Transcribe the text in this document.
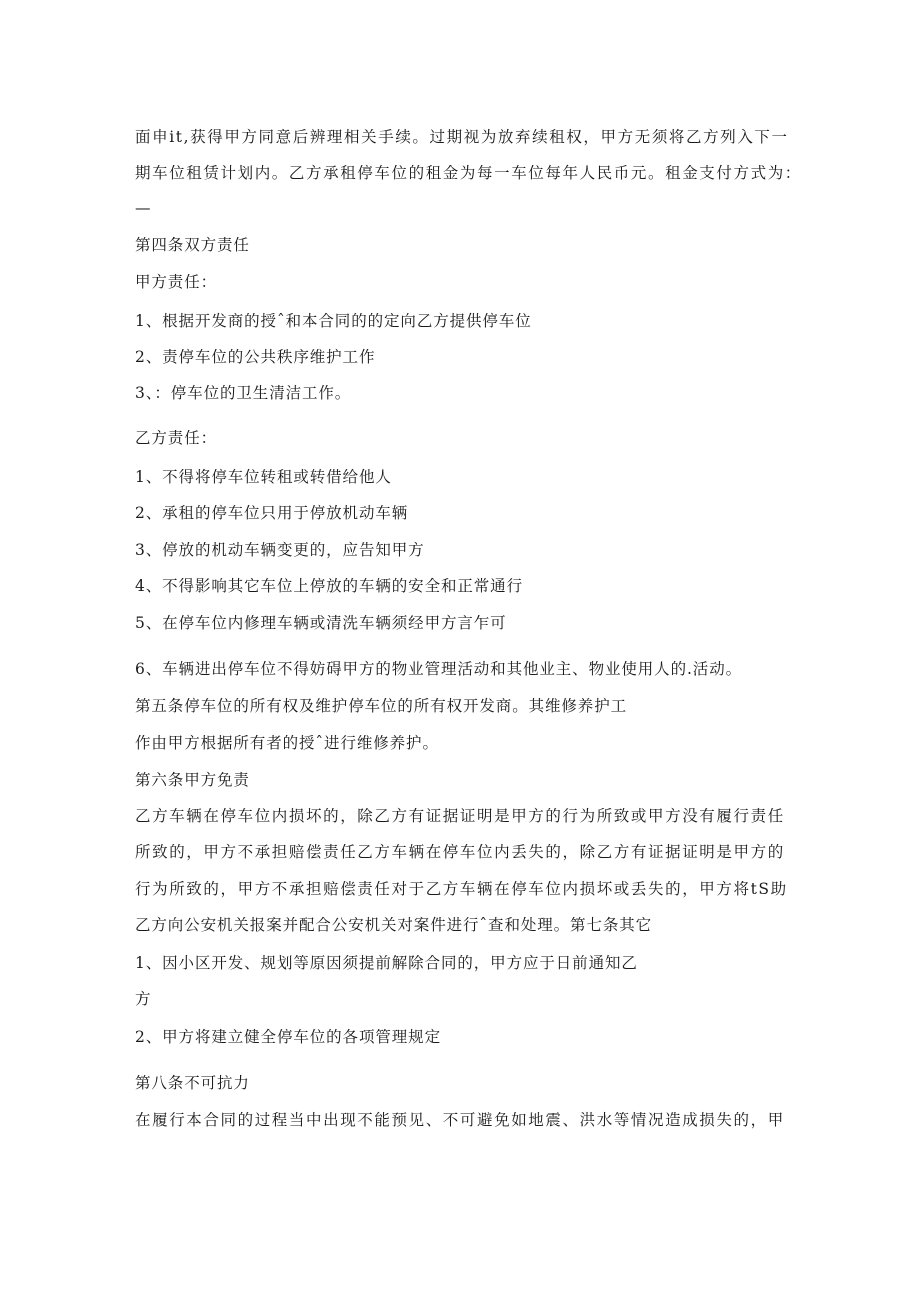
面申it,获得甲方同意后辨理相关手续。过期视为放弃续租权，甲方无须将乙方列入下一
期车位租赁计划内。乙方承租停车位的租金为每一车位每年人民币元。租金支付方式为：
—
第四条双方责任
甲方责任：
1、根据开发商的授ˆ和本合同的的定向乙方提供停车位
2、责停车位的公共秩序维护工作
3、：停车位的卫生清洁工作。
乙方责任：
1、不得将停车位转租或转借给他人
2、承租的停车位只用于停放机动车辆
3、停放的机动车辆变更的，应告知甲方
4、不得影响其它车位上停放的车辆的安全和正常通行
5、在停车位内修理车辆或清洗车辆须经甲方言乍可
6、车辆进出停车位不得妨碍甲方的物业管理活动和其他业主、物业使用人的.活动。
第五条停车位的所有权及维护停车位的所有权开发商。其维修养护工
作由甲方根据所有者的授ˆ进行维修养护。
第六条甲方免责
乙方车辆在停车位内损坏的，除乙方有证据证明是甲方的行为所致或甲方没有履行责任
所致的，甲方不承担赔偿责任乙方车辆在停车位内丢失的，除乙方有证据证明是甲方的
行为所致的，甲方不承担赔偿责任对于乙方车辆在停车位内损坏或丢失的，甲方将tS助
乙方向公安机关报案并配合公安机关对案件进行ˆ查和处理。第七条其它
1、因小区开发、规划等原因须提前解除合同的，甲方应于日前通知乙
方
2、甲方将建立健全停车位的各项管理规定
第八条不可抗力
在履行本合同的过程当中出现不能预见、不可避免如地震、洪水等情况造成损失的，甲
